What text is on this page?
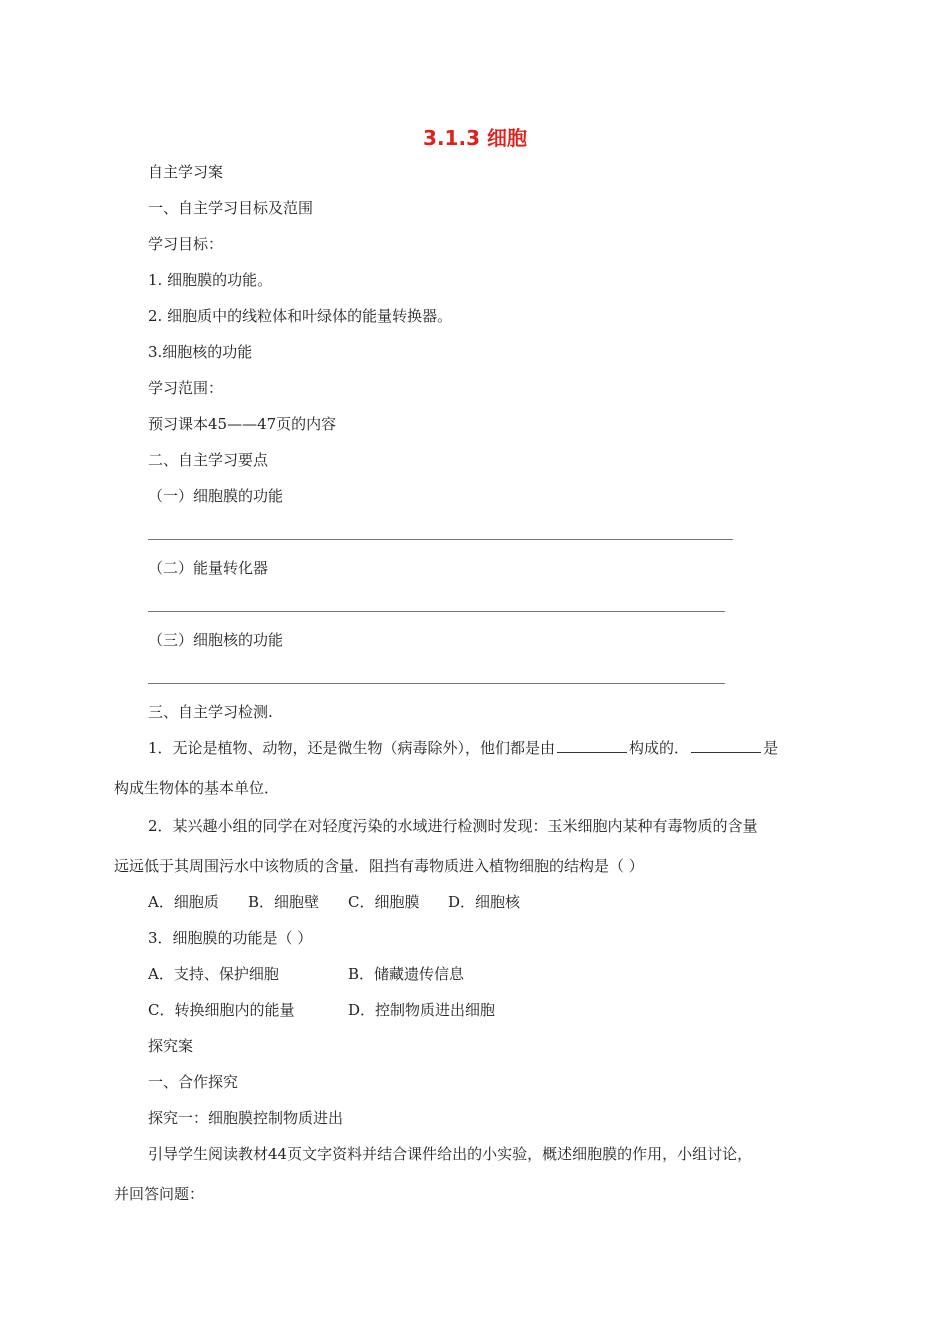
3.1.3 细胞
自主学习案
一、自主学习目标及范围
学习目标：
1. 细胞膜的功能。
2. 细胞质中的线粒体和叶绿体的能量转换器。
3.细胞核的功能
学习范围：
预习课本45——47页的内容
二、自主学习要点
（一）细胞膜的功能
（二）能量转化器
（三）细胞核的功能
三、自主学习检测.
1．无论是植物、动物，还是微生物（病毒除外），他们都是由	构成的．	是
构成生物体的基本单位．
2．某兴趣小组的同学在对轻度污染的水域进行检测时发现：玉米细胞内某种有毒物质的含量
远远低于其周围污水中该物质的含量．阻挡有毒物质进入植物细胞的结构是（ ）
A．细胞质 B．细胞壁 C．细胞膜 D．细胞核
3．细胞膜的功能是（ ）
A．支持、保护细胞	B．储藏遗传信息
C．转换细胞内的能量	D．控制物质进出细胞
探究案
一、合作探究
探究一：细胞膜控制物质进出
引导学生阅读教材44页文字资料并结合课件给出的小实验，概述细胞膜的作用，小组讨论，
并回答问题：
